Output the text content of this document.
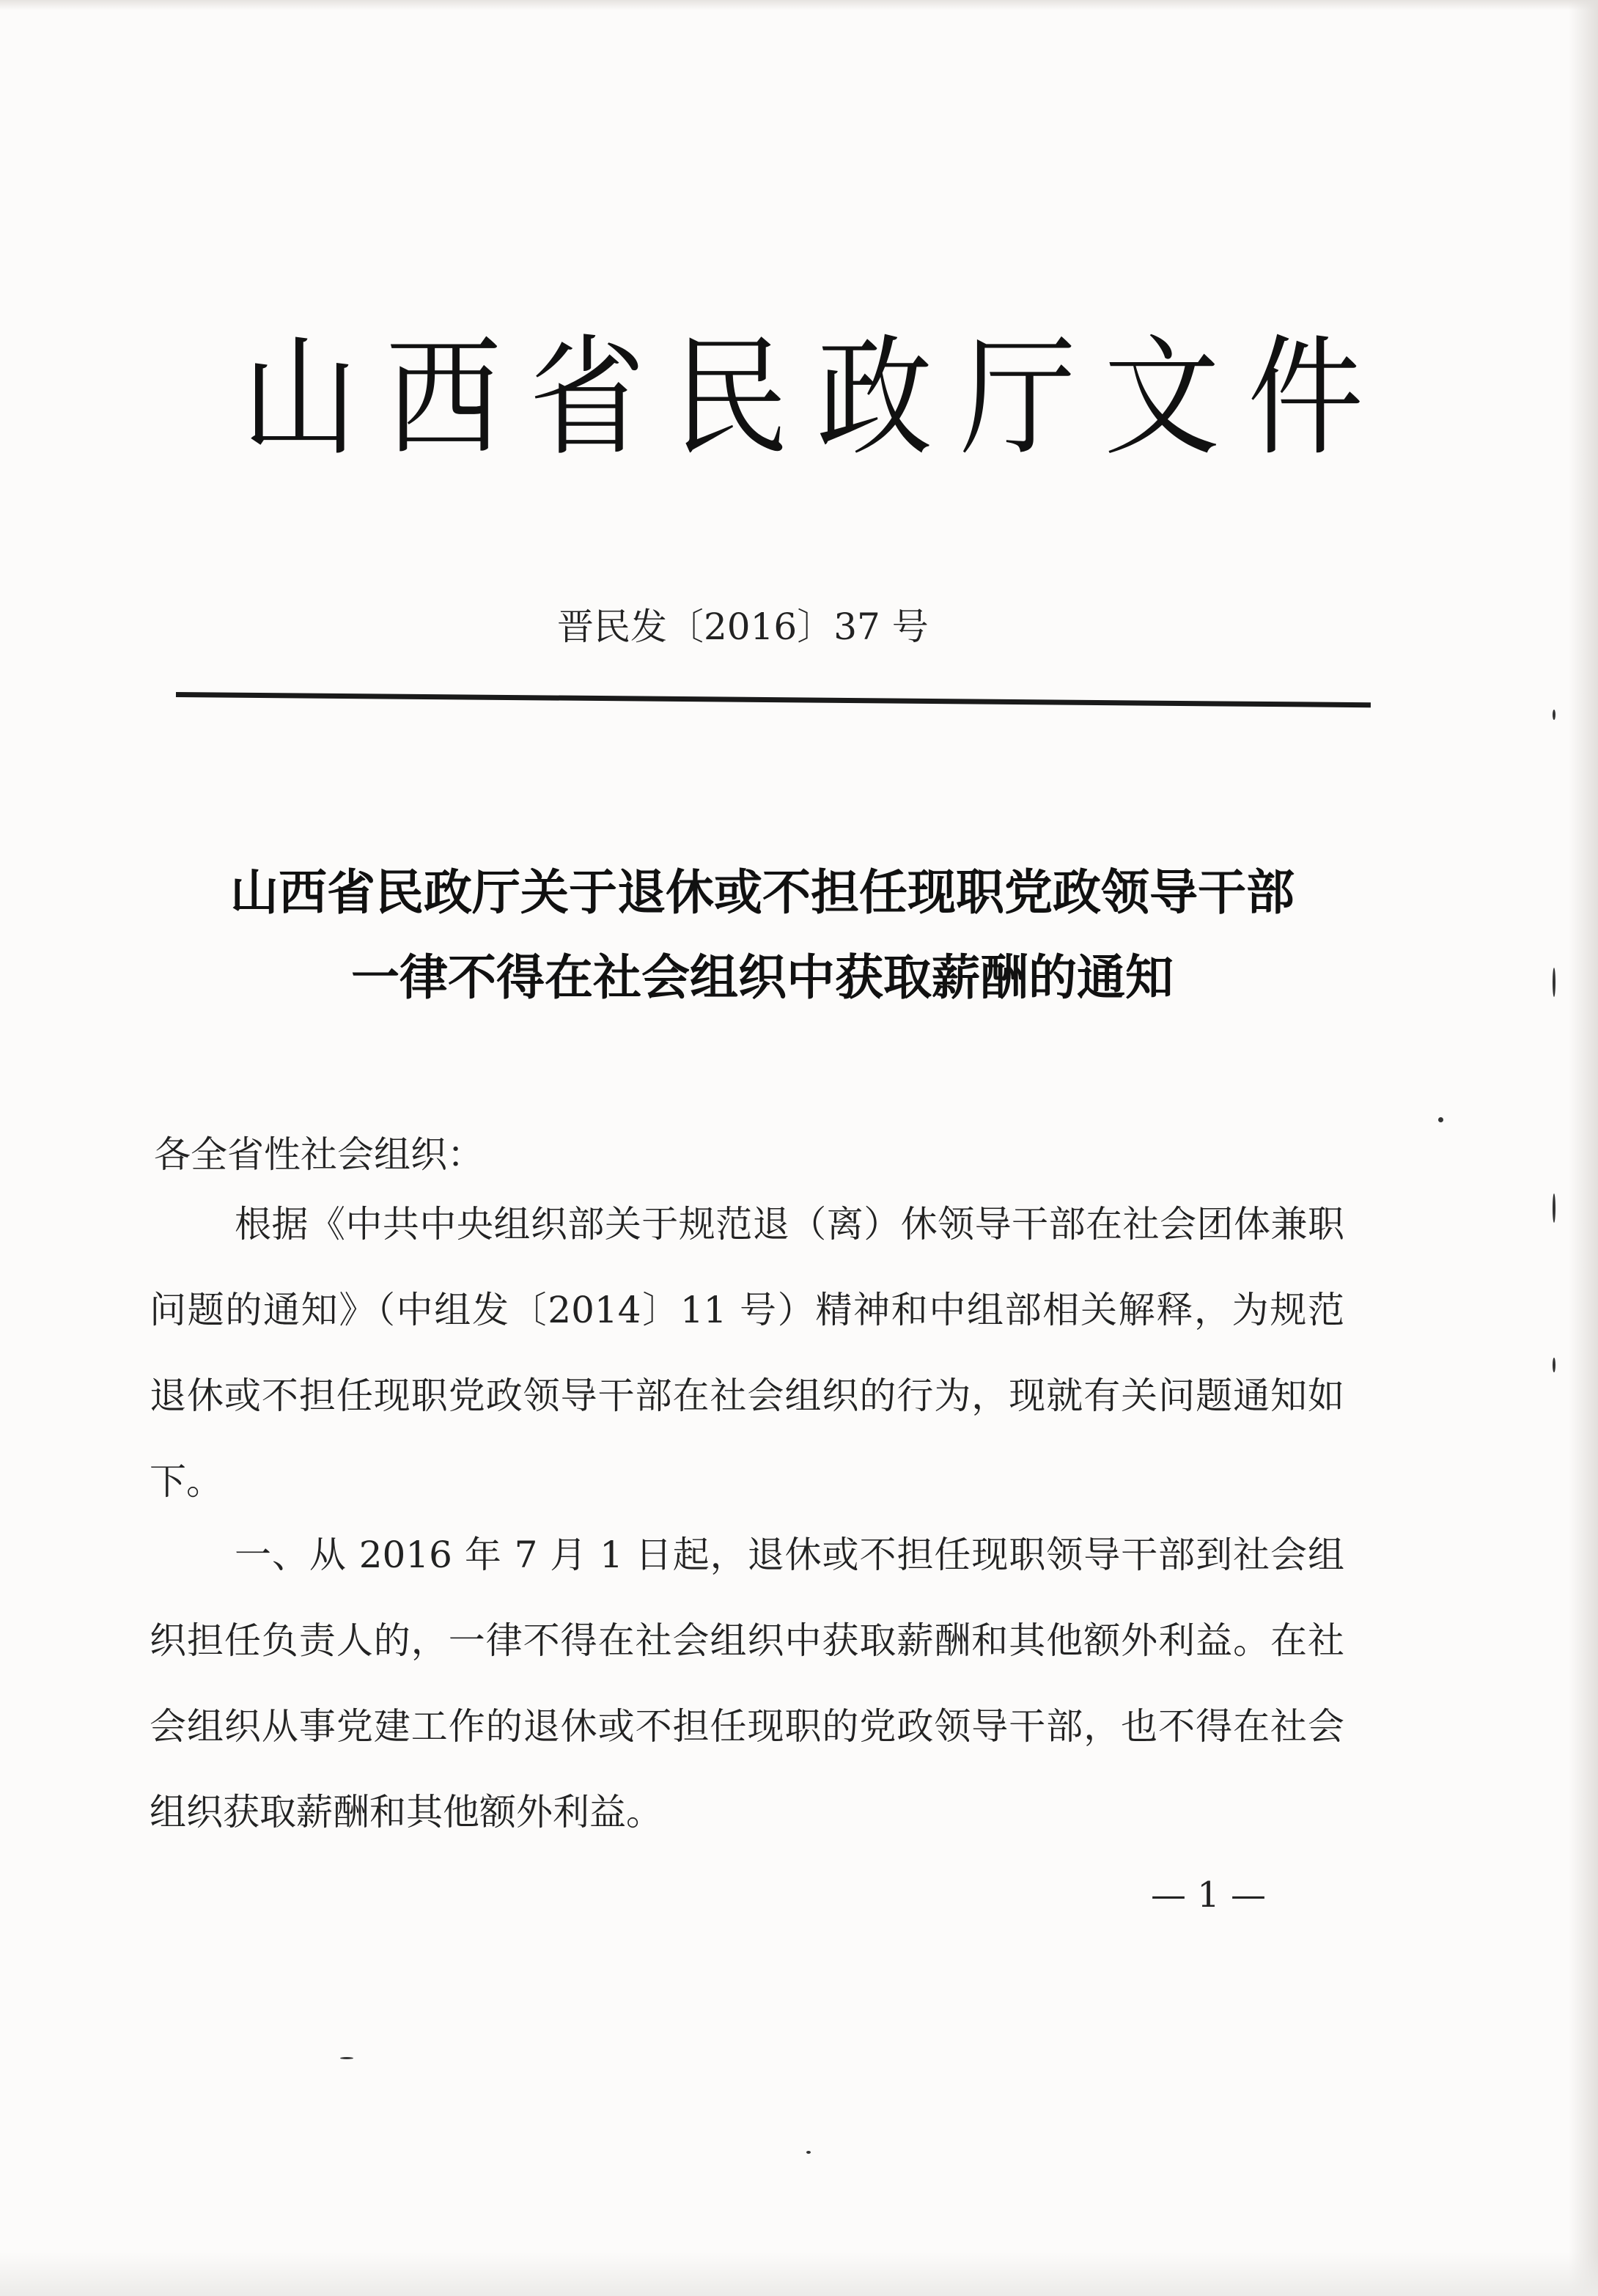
山西省民政厅文件
晋民发〔2016〕37 号
山西省民政厅关于退休或不担任现职党政领导干部
一律不得在社会组织中获取薪酬的通知
各全省性社会组织：
根据《中共中央组织部关于规范退（离）休领导干部在社会团体兼职问题的通知》（中组发〔2014〕11 号）精神和中组部相关解释，为规范退休或不担任现职党政领导干部在社会组织的行为，现就有关问题通知如下。
一、从 2016 年 7 月 1 日起，退休或不担任现职领导干部到社会组织担任负责人的，一律不得在社会组织中获取薪酬和其他额外利益。在社会组织从事党建工作的退休或不担任现职的党政领导干部，也不得在社会组织获取薪酬和其他额外利益。
— 1 —
